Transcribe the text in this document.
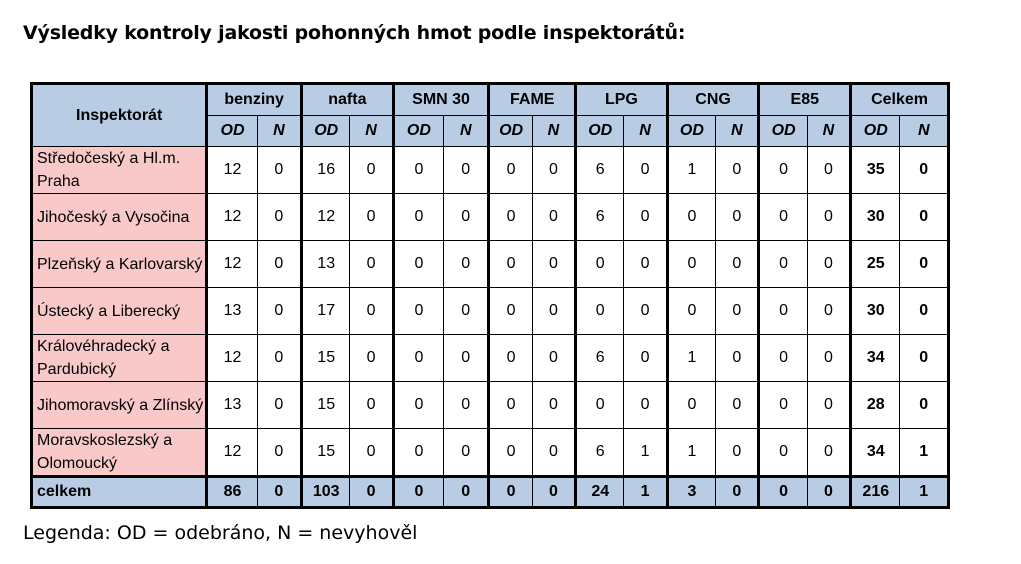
Výsledky kontroly jakosti pohonných hmot podle inspektorátů:
Inspektorát	benziny		nafta		SMN 30		FAME		LPG		CNG		E85		Celkem	
	OD	N	OD	N	OD	N	OD	N	OD	N	OD	N	OD	N	OD	N
Středočeský a Hl.m. Praha	12	0	16	0	0	0	0	0	6	0	1	0	0	0	35	0
Jihočeský a Vysočina	12	0	12	0	0	0	0	0	6	0	0	0	0	0	30	0
Plzeňský a Karlovarský	12	0	13	0	0	0	0	0	0	0	0	0	0	0	25	0
Ústecký a Liberecký	13	0	17	0	0	0	0	0	0	0	0	0	0	0	30	0
Královéhradecký a Pardubický	12	0	15	0	0	0	0	0	6	0	1	0	0	0	34	0
Jihomoravský a Zlínský	13	0	15	0	0	0	0	0	0	0	0	0	0	0	28	0
Moravskoslezský a Olomoucký	12	0	15	0	0	0	0	0	6	1	1	0	0	0	34	1
celkem	86	0	103	0	0	0	0	0	24	1	3	0	0	0	216	1
Legenda: OD = odebráno, N = nevyhověl
